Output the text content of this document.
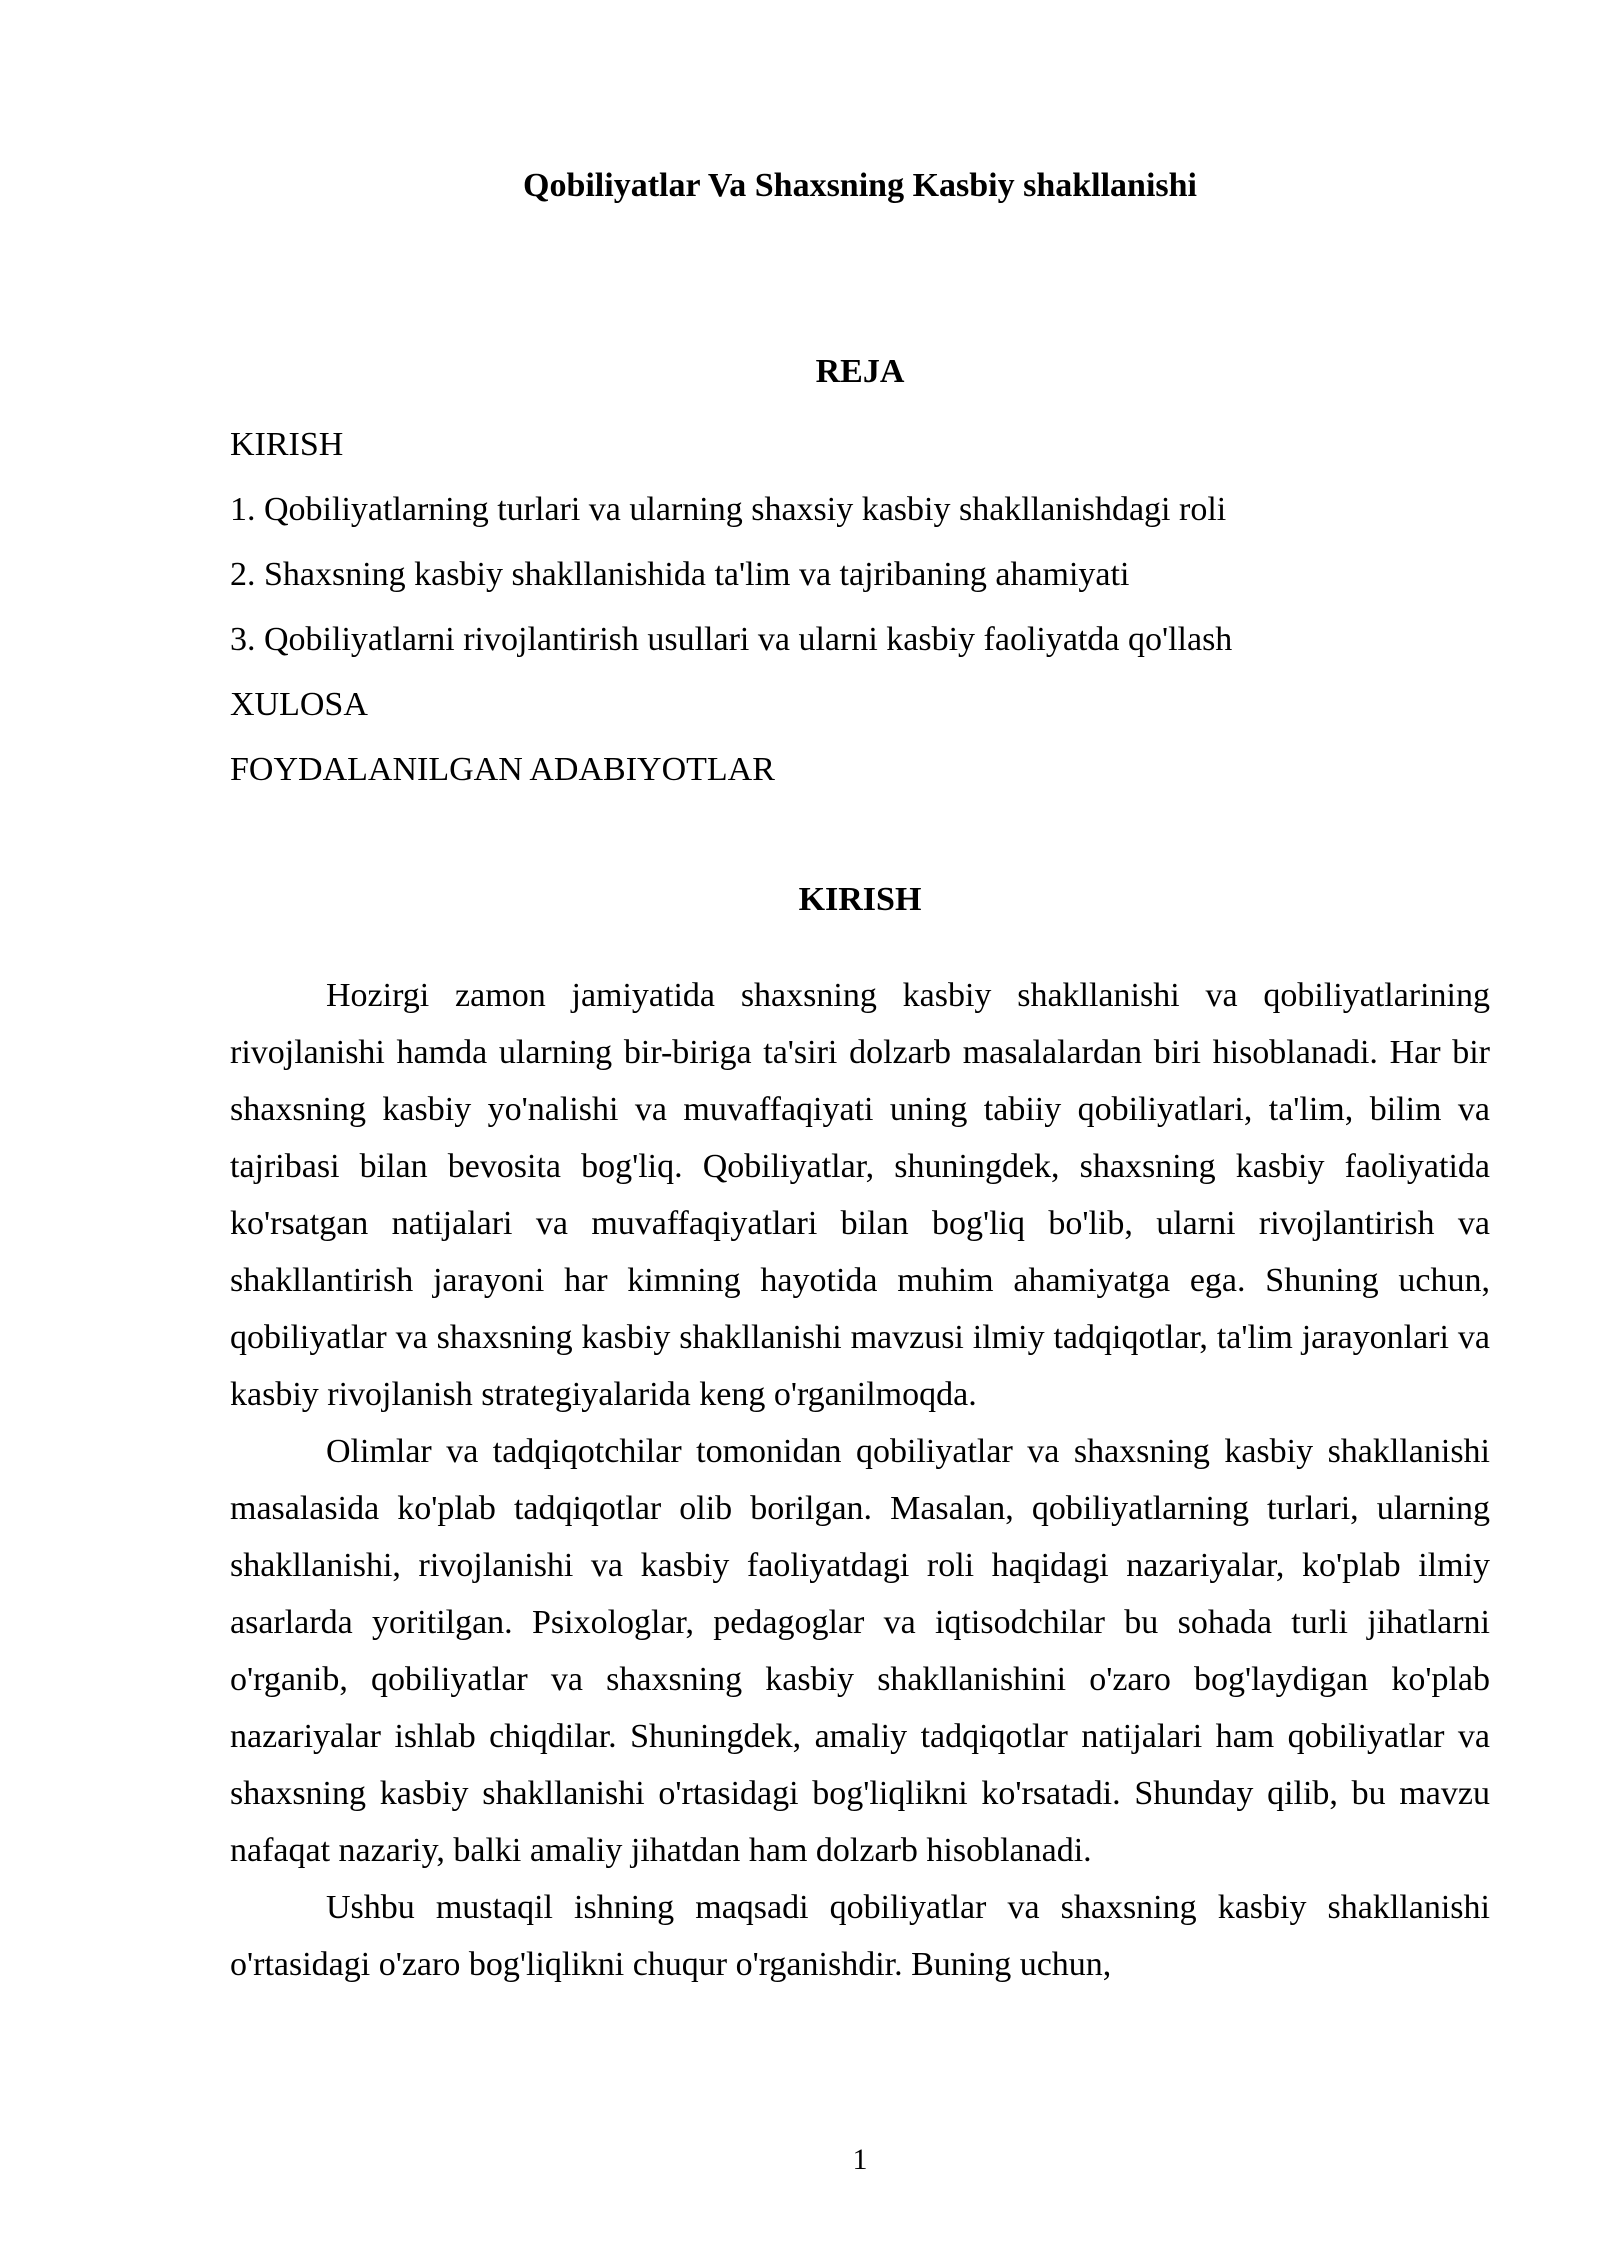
Qobiliyatlar Va Shaxsning Kasbiy shakllanishi
REJA
KIRISH
1. Qobiliyatlarning turlari va ularning shaxsiy kasbiy shakllanishdagi roli
2. Shaxsning kasbiy shakllanishida ta'lim va tajribaning ahamiyati
3. Qobiliyatlarni rivojlantirish usullari va ularni kasbiy faoliyatda qo'llash
XULOSA
FOYDALANILGAN ADABIYOTLAR
KIRISH

Hozirgi zamon jamiyatida shaxsning kasbiy shakllanishi va qobiliyatlarining rivojlanishi hamda ularning bir-biriga ta'siri dolzarb masalalardan biri hisoblanadi. Har bir shaxsning kasbiy yo'nalishi va muvaffaqiyati uning tabiiy qobiliyatlari, ta'lim, bilim va tajribasi bilan bevosita bog'liq. Qobiliyatlar, shuningdek, shaxsning kasbiy faoliyatida ko'rsatgan natijalari va muvaffaqiyatlari bilan bog'liq bo'lib, ularni rivojlantirish va shakllantirish jarayoni har kimning hayotida muhim ahamiyatga ega. Shuning uchun, qobiliyatlar va shaxsning kasbiy shakllanishi mavzusi ilmiy tadqiqotlar, ta'lim jarayonlari va kasbiy rivojlanish strategiyalarida keng o'rganilmoqda.

Olimlar va tadqiqotchilar tomonidan qobiliyatlar va shaxsning kasbiy shakllanishi masalasida ko'plab tadqiqotlar olib borilgan. Masalan, qobiliyatlarning turlari, ularning shakllanishi, rivojlanishi va kasbiy faoliyatdagi roli haqidagi nazariyalar, ko'plab ilmiy asarlarda yoritilgan. Psixologlar, pedagoglar va iqtisodchilar bu sohada turli jihatlarni o'rganib, qobiliyatlar va shaxsning kasbiy shakllanishini o'zaro bog'laydigan ko'plab nazariyalar ishlab chiqdilar. Shuningdek, amaliy tadqiqotlar natijalari ham qobiliyatlar va shaxsning kasbiy shakllanishi o'rtasidagi bog'liqlikni ko'rsatadi. Shunday qilib, bu mavzu nafaqat nazariy, balki amaliy jihatdan ham dolzarb hisoblanadi.

Ushbu mustaqil ishning maqsadi qobiliyatlar va shaxsning kasbiy shakllanishi o'rtasidagi o'zaro bog'liqlikni chuqur o'rganishdir. Buning uchun,

1
